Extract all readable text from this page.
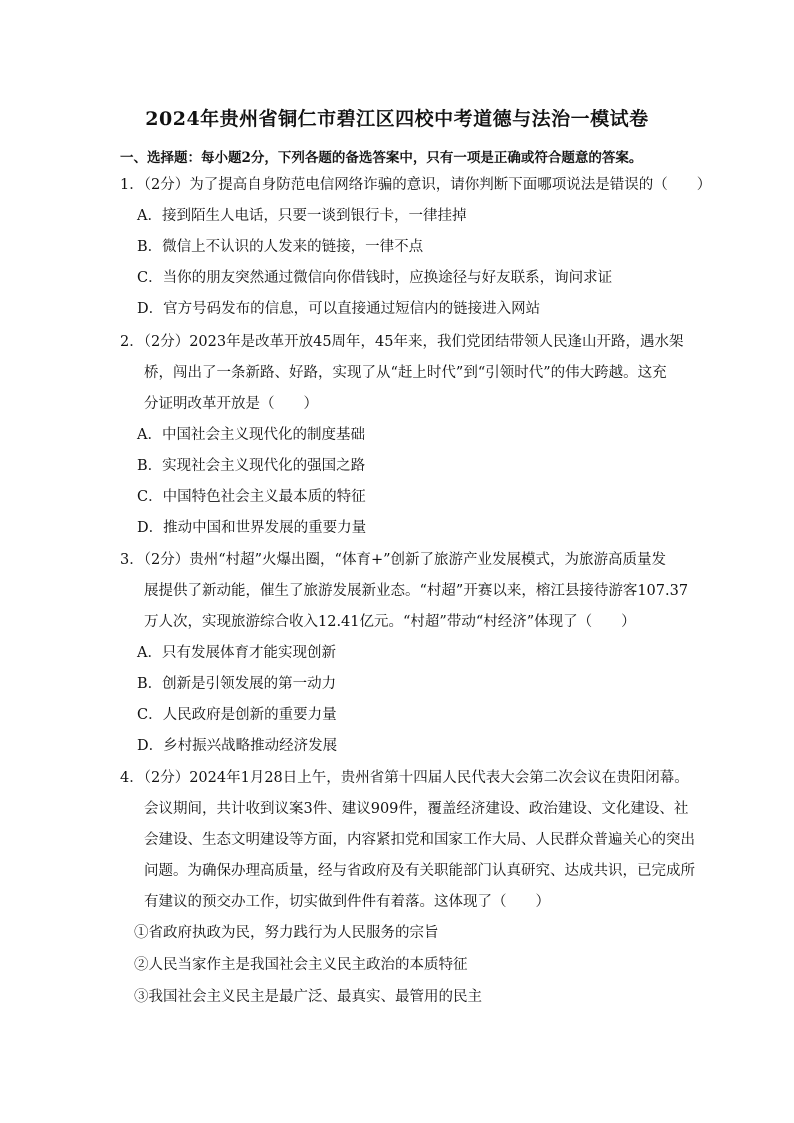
2024年贵州省铜仁市碧江区四校中考道德与法治一模试卷
一、选择题：每小题2分，下列各题的备选答案中，只有一项是正确或符合题意的答案。
1．（2分）为了提高自身防范电信网络诈骗的意识，请你判断下面哪项说法是错误的（　　）
A．接到陌生人电话，只要一谈到银行卡，一律挂掉
B．微信上不认识的人发来的链接，一律不点
C．当你的朋友突然通过微信向你借钱时，应换途径与好友联系，询问求证
D．官方号码发布的信息，可以直接通过短信内的链接进入网站
2．（2分）2023年是改革开放45周年，45年来，我们党团结带领人民逢山开路，遇水架
桥，闯出了一条新路、好路，实现了从“赶上时代”到“引领时代”的伟大跨越。这充
分证明改革开放是（　　）
A．中国社会主义现代化的制度基础
B．实现社会主义现代化的强国之路
C．中国特色社会主义最本质的特征
D．推动中国和世界发展的重要力量
3．（2分）贵州“村超”火爆出圈，“体育+”创新了旅游产业发展模式，为旅游高质量发
展提供了新动能，催生了旅游发展新业态。“村超”开赛以来，榕江县接待游客107.37
万人次，实现旅游综合收入12.41亿元。“村超”带动“村经济”体现了（　　）
A．只有发展体育才能实现创新
B．创新是引领发展的第一动力
C．人民政府是创新的重要力量
D．乡村振兴战略推动经济发展
4．（2分）2024年1月28日上午，贵州省第十四届人民代表大会第二次会议在贵阳闭幕。
会议期间，共计收到议案3件、建议909件，覆盖经济建设、政治建设、文化建设、社
会建设、生态文明建设等方面，内容紧扣党和国家工作大局、人民群众普遍关心的突出
问题。为确保办理高质量，经与省政府及有关职能部门认真研究、达成共识，已完成所
有建议的预交办工作，切实做到件件有着落。这体现了（　　）
①省政府执政为民，努力践行为人民服务的宗旨
②人民当家作主是我国社会主义民主政治的本质特征
③我国社会主义民主是最广泛、最真实、最管用的民主
